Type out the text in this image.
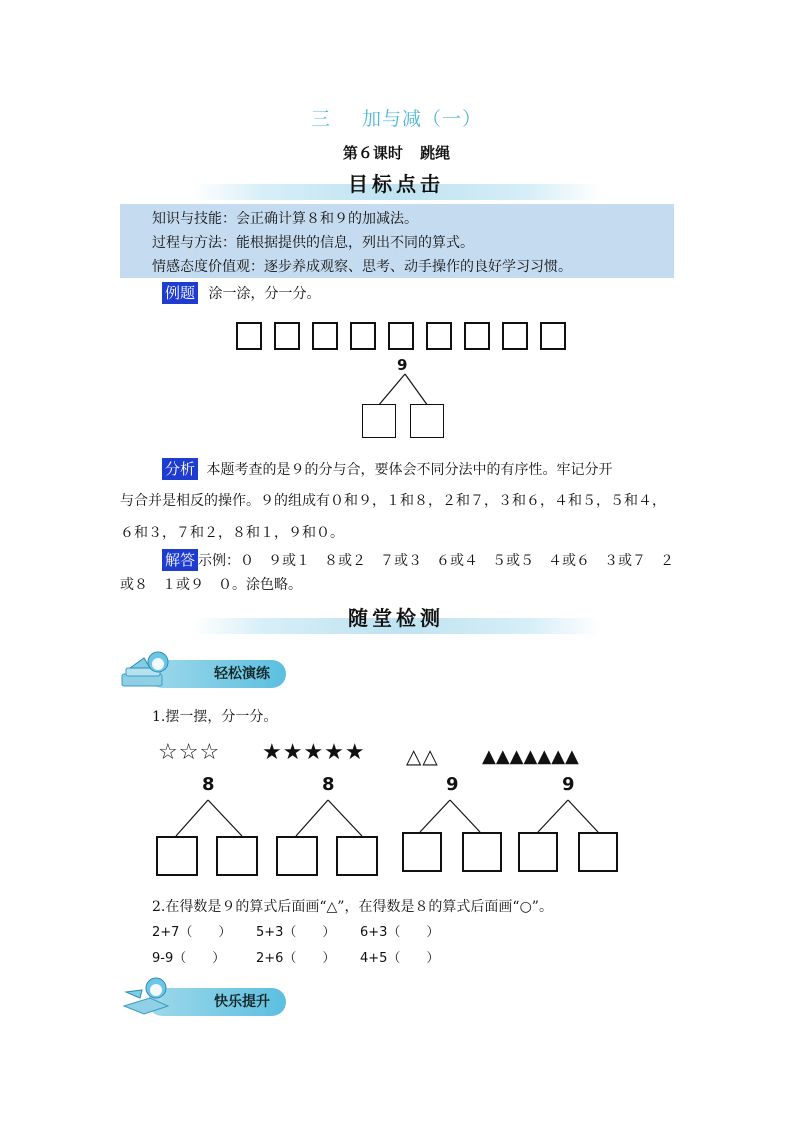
三 加与减（一）
第６课时 跳绳
目标点击
知识与技能：会正确计算８和９的加减法。
过程与方法：能根据提供的信息，列出不同的算式。
情感态度价值观：逐步养成观察、思考、动手操作的良好学习习惯。
例题 涂一涂，分一分。
9
分析 本题考查的是９的分与合，要体会不同分法中的有序性。牢记分开
与合并是相反的操作。９的组成有０和９，１和８，２和７，３和６，４和５，５和４，
６和３，７和２，８和１，９和０。
解答 示例：０　９或１　８或２　７或３　６或４　５或５　４或６　３或７　２
或８　１或９　０。涂色略。
随堂检测
轻松演练
1.摆一摆，分一分。
☆☆☆ ★★★★★ △△ ▲▲▲▲▲▲▲
8	8	9	9
2.在得数是９的算式后面画“△”，在得数是８的算式后面画“○”。
2+7（　　） 5+3（　　） 6+3（　　）
9-9（　　） 2+6（　　） 4+5（　　）
快乐提升
